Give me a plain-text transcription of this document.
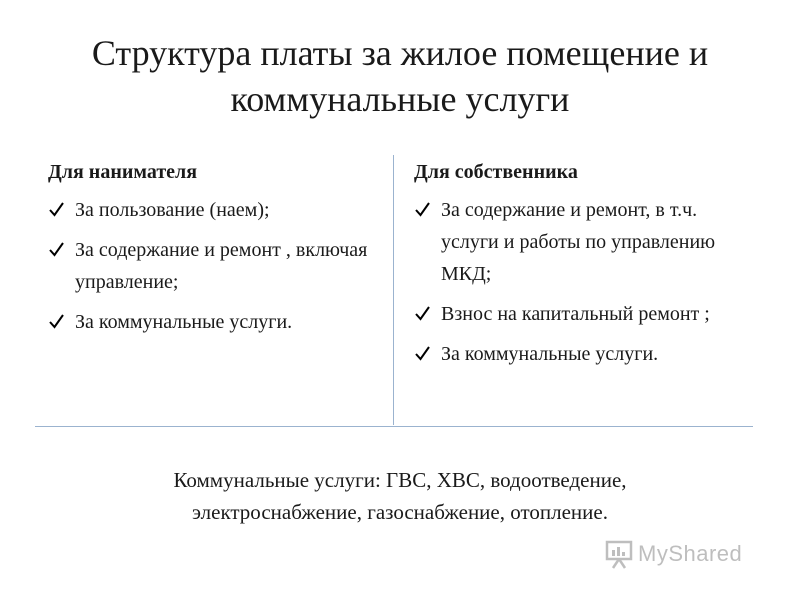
Структура платы за жилое помещение и
коммунальные услуги
Для нанимателя
За пользование (наем);
За содержание и ремонт , включая управление;
За коммунальные услуги.
Для собственника
За содержание и ремонт, в т.ч. услуги и работы по управлению МКД;
Взнос на капитальный ремонт ;
За коммунальные услуги.

Коммунальные услуги: ГВС, ХВС, водоотведение,
электроснабжение, газоснабжение, отопление.

MyShared
